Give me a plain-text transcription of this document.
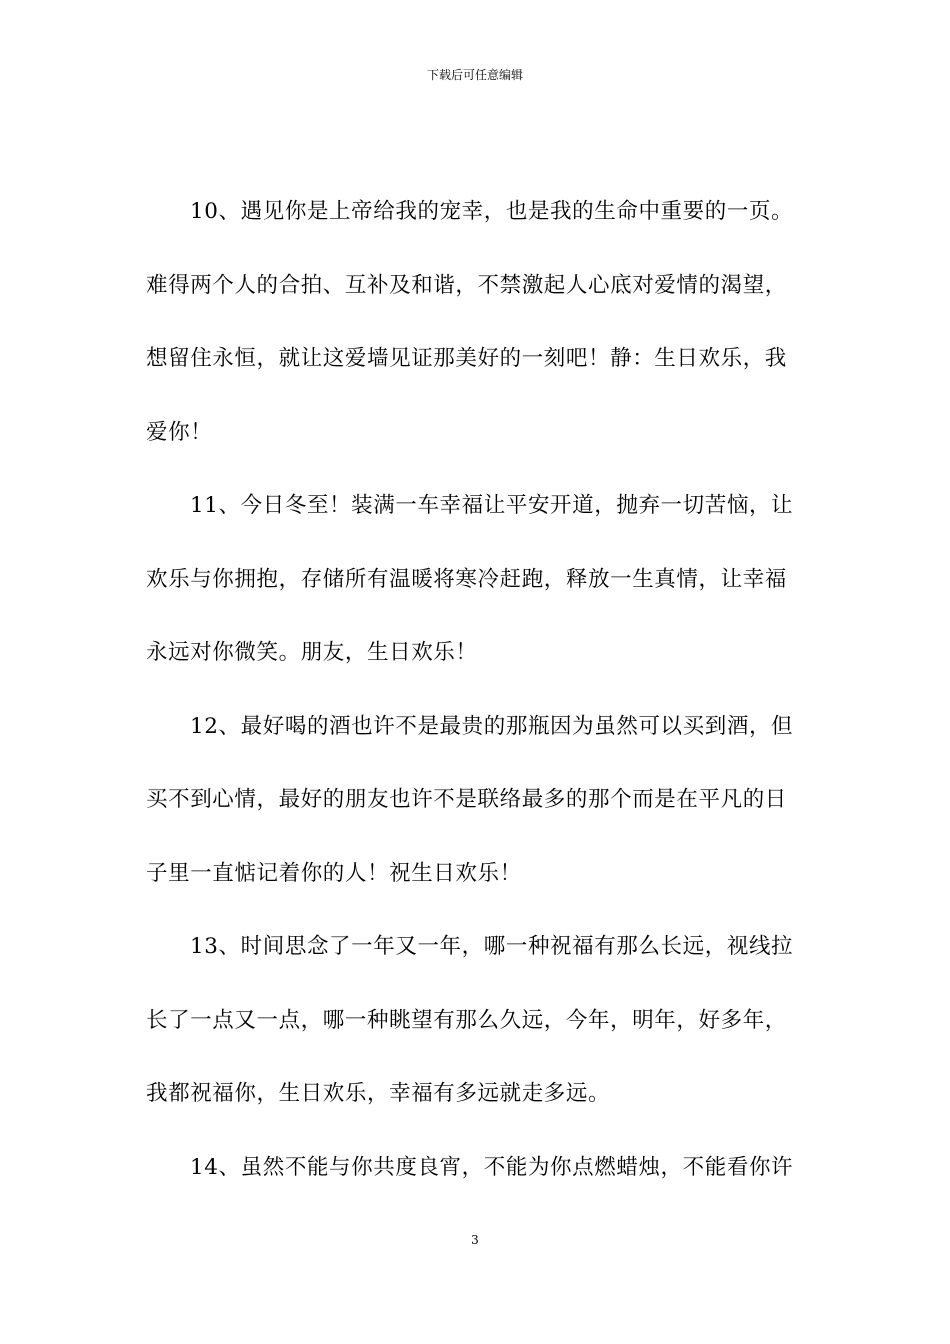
下载后可任意编辑
10、遇见你是上帝给我的宠幸，也是我的生命中重要的一页。
难得两个人的合拍、互补及和谐，不禁激起人心底对爱情的渴望，
想留住永恒，就让这爱墙见证那美好的一刻吧！静：生日欢乐，我
爱你！
11、今日冬至！装满一车幸福让平安开道，抛弃一切苦恼，让
欢乐与你拥抱，存储所有温暖将寒冷赶跑，释放一生真情，让幸福
永远对你微笑。朋友，生日欢乐！
12、最好喝的酒也许不是最贵的那瓶因为虽然可以买到酒，但
买不到心情，最好的朋友也许不是联络最多的那个而是在平凡的日
子里一直惦记着你的人！祝生日欢乐！
13、时间思念了一年又一年，哪一种祝福有那么长远，视线拉
长了一点又一点，哪一种眺望有那么久远，今年，明年，好多年，
我都祝福你，生日欢乐，幸福有多远就走多远。
14、虽然不能与你共度良宵，不能为你点燃蜡烛，不能看你许
3
